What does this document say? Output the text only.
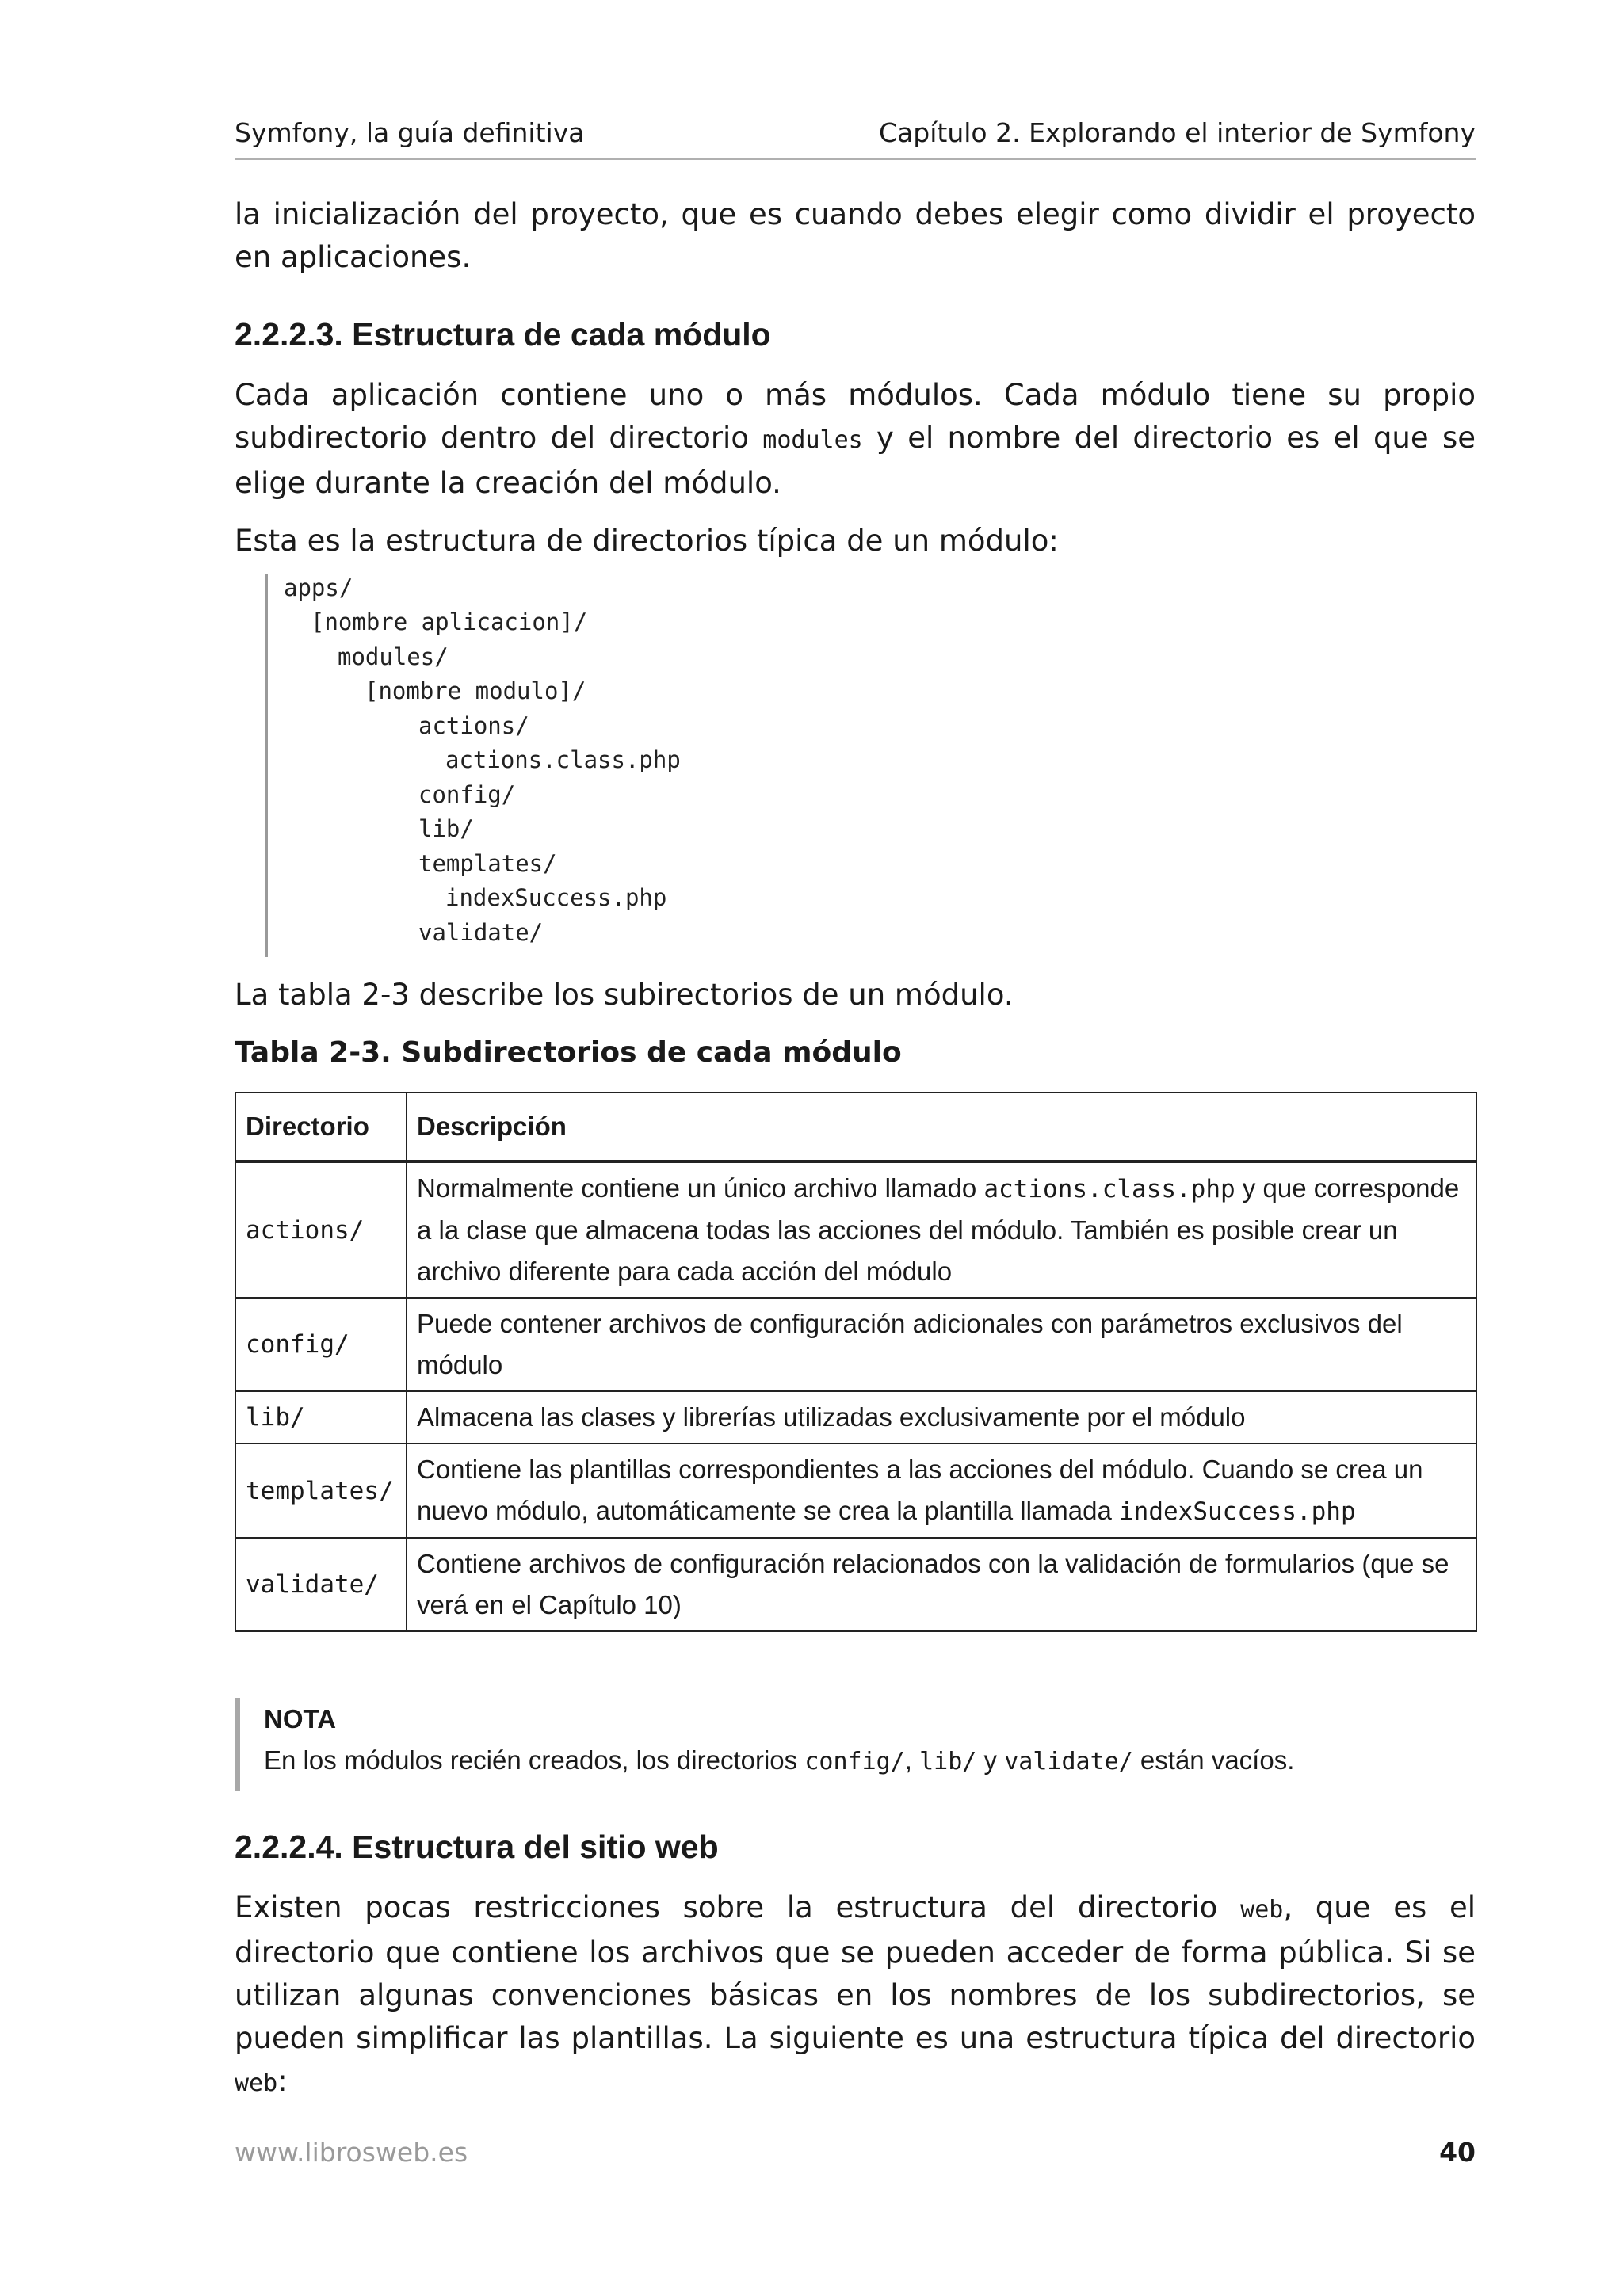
Symfony, la guía definitiva	Capítulo 2. Explorando el interior de Symfony
la inicialización del proyecto, que es cuando debes elegir como dividir el proyecto en aplicaciones.
2.2.2.3. Estructura de cada módulo
Cada aplicación contiene uno o más módulos. Cada módulo tiene su propio subdirectorio dentro del directorio modules y el nombre del directorio es el que se elige durante la creación del módulo.
Esta es la estructura de directorios típica de un módulo:
apps/
[nombre aplicacion]/
modules/
[nombre modulo]/
actions/
actions.class.php
config/
lib/
templates/
indexSuccess.php
validate/
La tabla 2-3 describe los subirectorios de un módulo.
Tabla 2-3. Subdirectorios de cada módulo
Directorio	Descripción
actions/	Normalmente contiene un único archivo llamado actions.class.php y que corresponde a la clase que almacena todas las acciones del módulo. También es posible crear un archivo diferente para cada acción del módulo
config/	Puede contener archivos de configuración adicionales con parámetros exclusivos del módulo
lib/	Almacena las clases y librerías utilizadas exclusivamente por el módulo
templates/	Contiene las plantillas correspondientes a las acciones del módulo. Cuando se crea un nuevo módulo, automáticamente se crea la plantilla llamada indexSuccess.php
validate/	Contiene archivos de configuración relacionados con la validación de formularios (que se verá en el Capítulo 10)
NOTA
En los módulos recién creados, los directorios config/, lib/ y validate/ están vacíos.
2.2.2.4. Estructura del sitio web
Existen pocas restricciones sobre la estructura del directorio web, que es el directorio que contiene los archivos que se pueden acceder de forma pública. Si se utilizan algunas convenciones básicas en los nombres de los subdirectorios, se pueden simplificar las plantillas. La siguiente es una estructura típica del directorio web:
www.librosweb.es	40
